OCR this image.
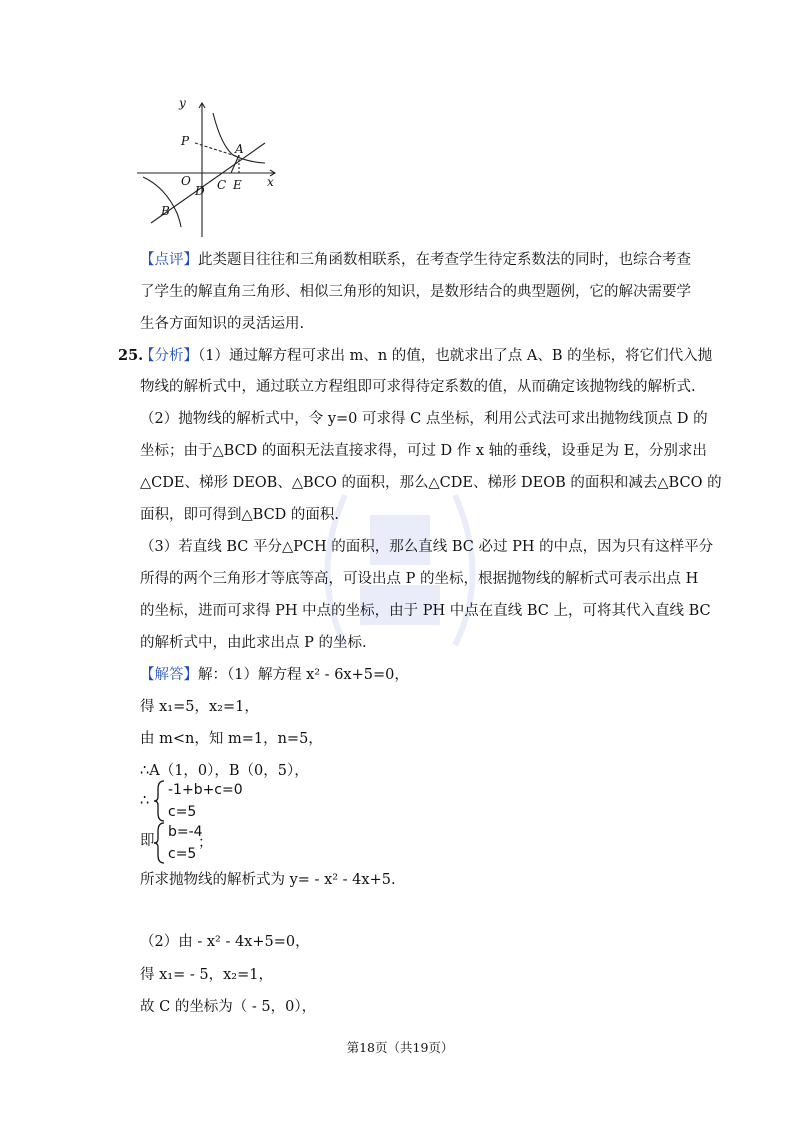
y
x
P
O
A
D C E
B
【点评】此类题目往往和三角函数相联系，在考查学生待定系数法的同时，也综合考查
了学生的解直角三角形、相似三角形的知识，是数形结合的典型题例，它的解决需要学
生各方面知识的灵活运用.
25.
【分析】（1）通过解方程可求出 m、n 的值，也就求出了点 A、B 的坐标，将它们代入抛
物线的解析式中，通过联立方程组即可求得待定系数的值，从而确定该抛物线的解析式.
（2）抛物线的解析式中，令 y=0 可求得 C 点坐标，利用公式法可求出抛物线顶点 D 的
坐标；由于△BCD 的面积无法直接求得，可过 D 作 x 轴的垂线，设垂足为 E，分别求出
△CDE、梯形 DEOB、△BCO 的面积，那么△CDE、梯形 DEOB 的面积和减去△BCO 的
面积，即可得到△BCD 的面积.
（3）若直线 BC 平分△PCH 的面积，那么直线 BC 必过 PH 的中点，因为只有这样平分
所得的两个三角形才等底等高，可设出点 P 的坐标，根据抛物线的解析式可表示出点 H
的坐标，进而可求得 PH 中点的坐标，由于 PH 中点在直线 BC 上，可将其代入直线 BC
的解析式中，由此求出点 P 的坐标.
【解答】解：（1）解方程 x² - 6x+5=0，
得 x₁=5，x₂=1，
由 m<n，知 m=1，n=5，
∴A（1，0），B（0，5），
∴
-1+b+c=0
c=5
即
b=-4
c=5
；
所求抛物线的解析式为 y= - x² - 4x+5.
（2）由 - x² - 4x+5=0，
得 x₁= - 5，x₂=1，
故 C 的坐标为（ - 5，0），
第18页（共19页）
